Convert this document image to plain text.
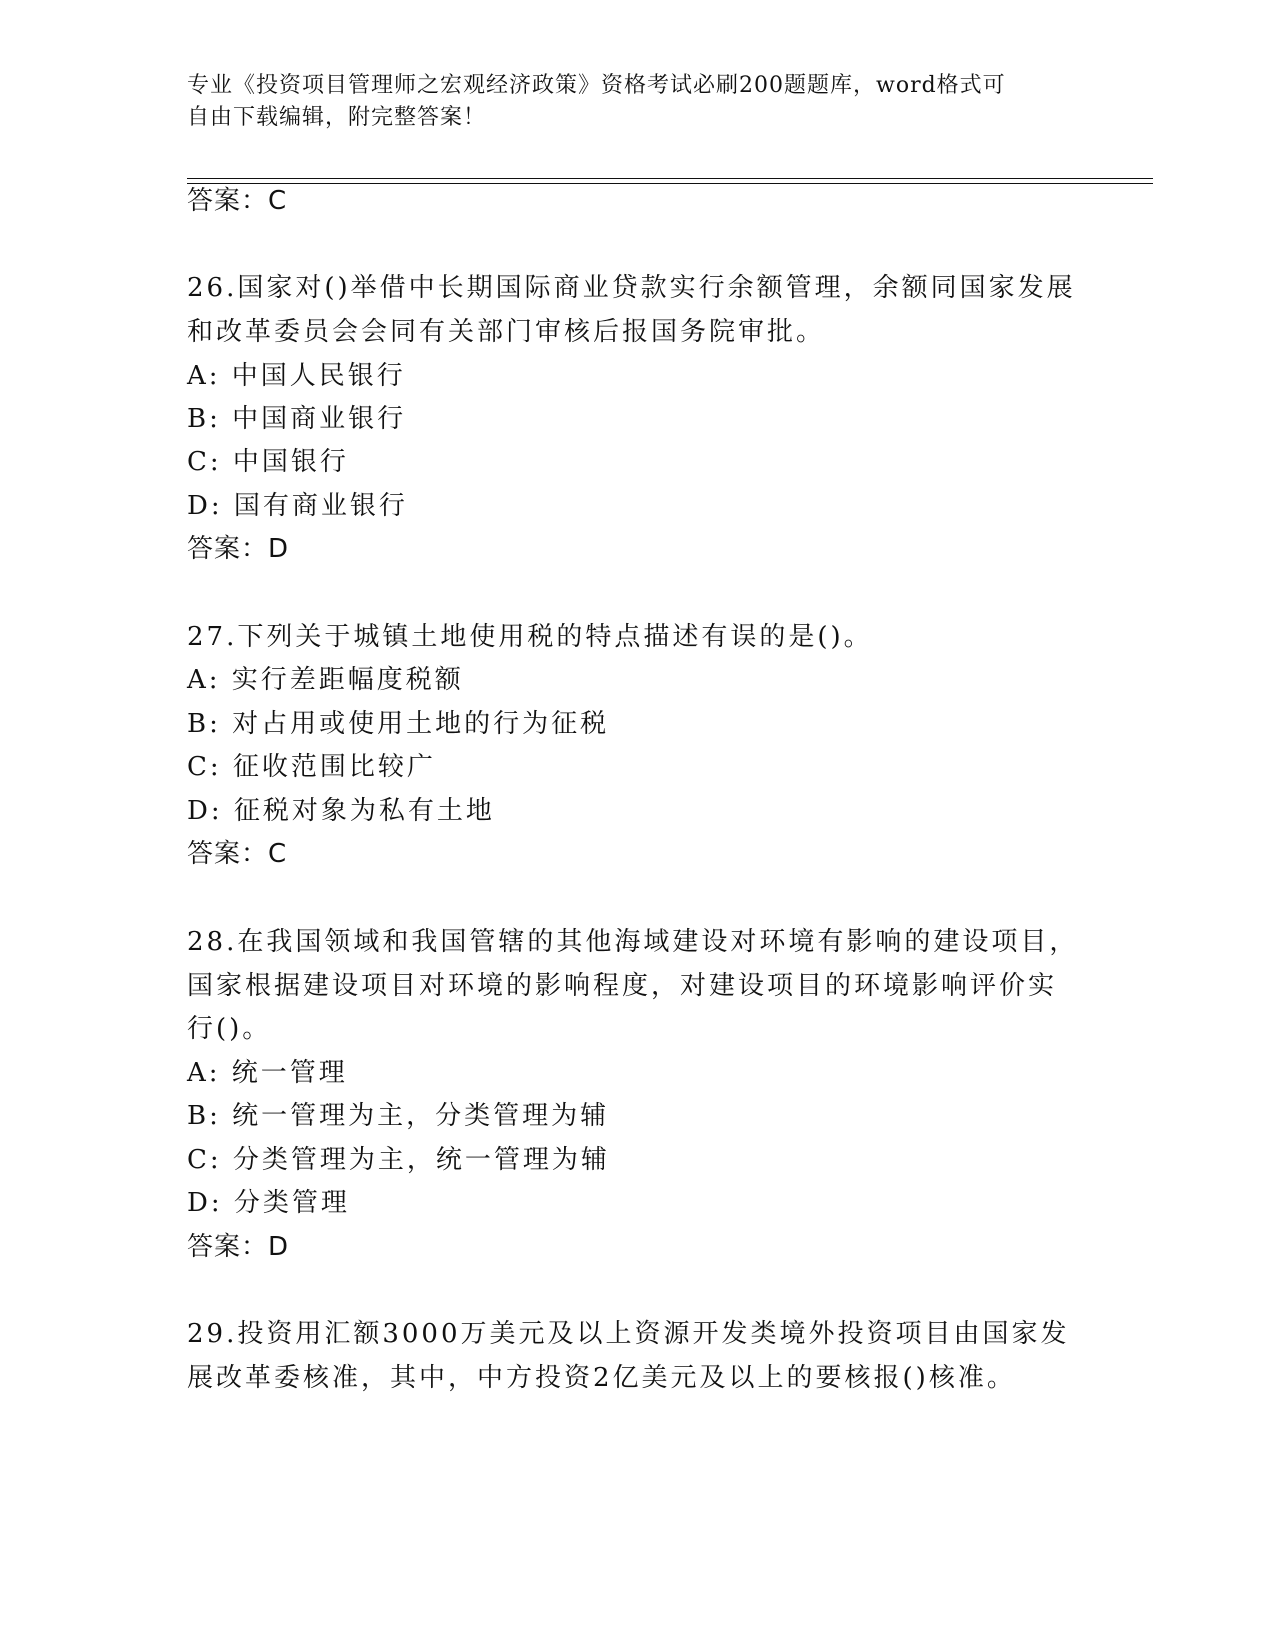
专业《投资项目管理师之宏观经济政策》资格考试必刷200题题库，word格式可
自由下载编辑，附完整答案！
答案：C
26.国家对()举借中长期国际商业贷款实行余额管理，余额同国家发展
和改革委员会会同有关部门审核后报国务院审批。
A: 中国人民银行
B: 中国商业银行
C: 中国银行
D: 国有商业银行
答案：D
27.下列关于城镇土地使用税的特点描述有误的是()。
A: 实行差距幅度税额
B: 对占用或使用土地的行为征税
C: 征收范围比较广
D: 征税对象为私有土地
答案：C
28.在我国领域和我国管辖的其他海域建设对环境有影响的建设项目，
国家根据建设项目对环境的影响程度，对建设项目的环境影响评价实
行()。
A: 统一管理
B: 统一管理为主，分类管理为辅
C: 分类管理为主，统一管理为辅
D: 分类管理
答案：D
29.投资用汇额3000万美元及以上资源开发类境外投资项目由国家发
展改革委核准，其中，中方投资2亿美元及以上的要核报()核准。
